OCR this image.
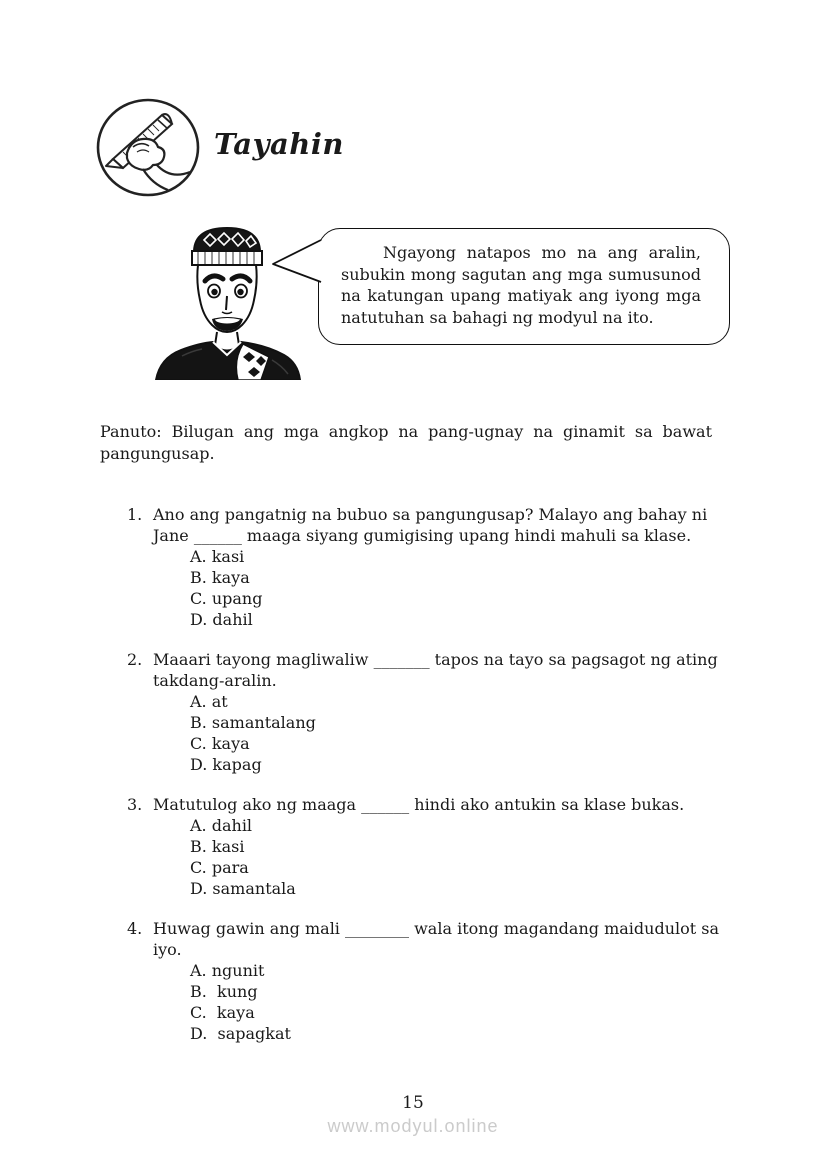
Tayahin

Ngayong natapos mo na ang aralin, subukin mong sagutan ang mga sumusunod na katungan upang matiyak ang iyong mga natutuhan sa bahagi ng modyul na ito.

Panuto: Bilugan ang mga angkop na pang-ugnay na ginamit sa bawat pangungusap.

1. Ano ang pangatnig na bubuo sa pangungusap? Malayo ang bahay ni Jane ______ maaga siyang gumigising upang hindi mahuli sa klase.

A. kasi
B. kaya
C. upang
D. dahil
2. Maaari tayong magliwaliw _______ tapos na tayo sa pagsagot ng ating takdang-aralin.

A. at
B. samantalang
C. kaya
D. kapag
3. Matutulog ako ng maaga ______ hindi ako antukin sa klase bukas.

A. dahil
B. kasi
C. para
D. samantala
4. Huwag gawin ang mali ________ wala itong magandang maidudulot sa iyo.

A. ngunit
B.  kung
C.  kaya
D.  sapagkat
15
www.modyul.online
